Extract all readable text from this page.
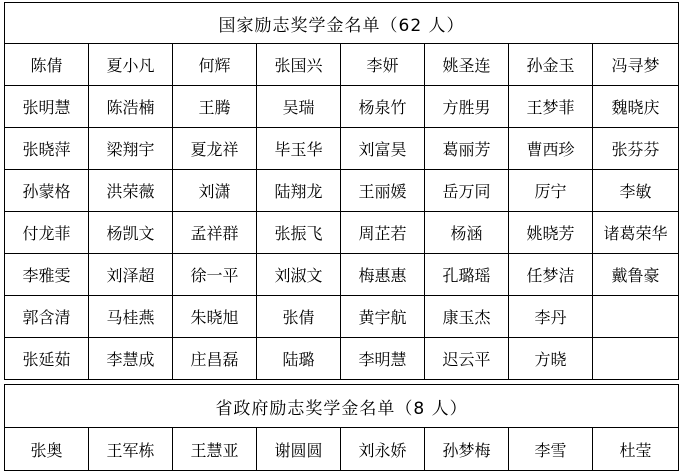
国家励志奖学金名单（62 人）							
陈倩	夏小凡	何辉	张国兴	李妍	姚圣连	孙金玉	冯寻梦
张明慧	陈浩楠	王腾	吴瑞	杨泉竹	方胜男	王梦菲	魏晓庆
张晓萍	梁翔宇	夏龙祥	毕玉华	刘富昊	葛丽芳	曹西珍	张芬芬
孙蒙格	洪荣薇	刘潇	陆翔龙	王丽媛	岳万同	厉宁	李敏
付龙菲	杨凯文	孟祥群	张振飞	周芷若	杨涵	姚晓芳	诸葛荣华
李雅雯	刘泽超	徐一平	刘淑文	梅惠惠	孔璐瑶	任梦洁	戴鲁豪
郭含清	马桂燕	朱晓旭	张倩	黄宇航	康玉杰	李丹	
张延茹	李慧成	庄昌磊	陆璐	李明慧	迟云平	方晓	
省政府励志奖学金名单（8 人）
张奥	王军栋	王慧亚	谢圆圆	刘永娇	孙梦梅	李雪	杜莹
